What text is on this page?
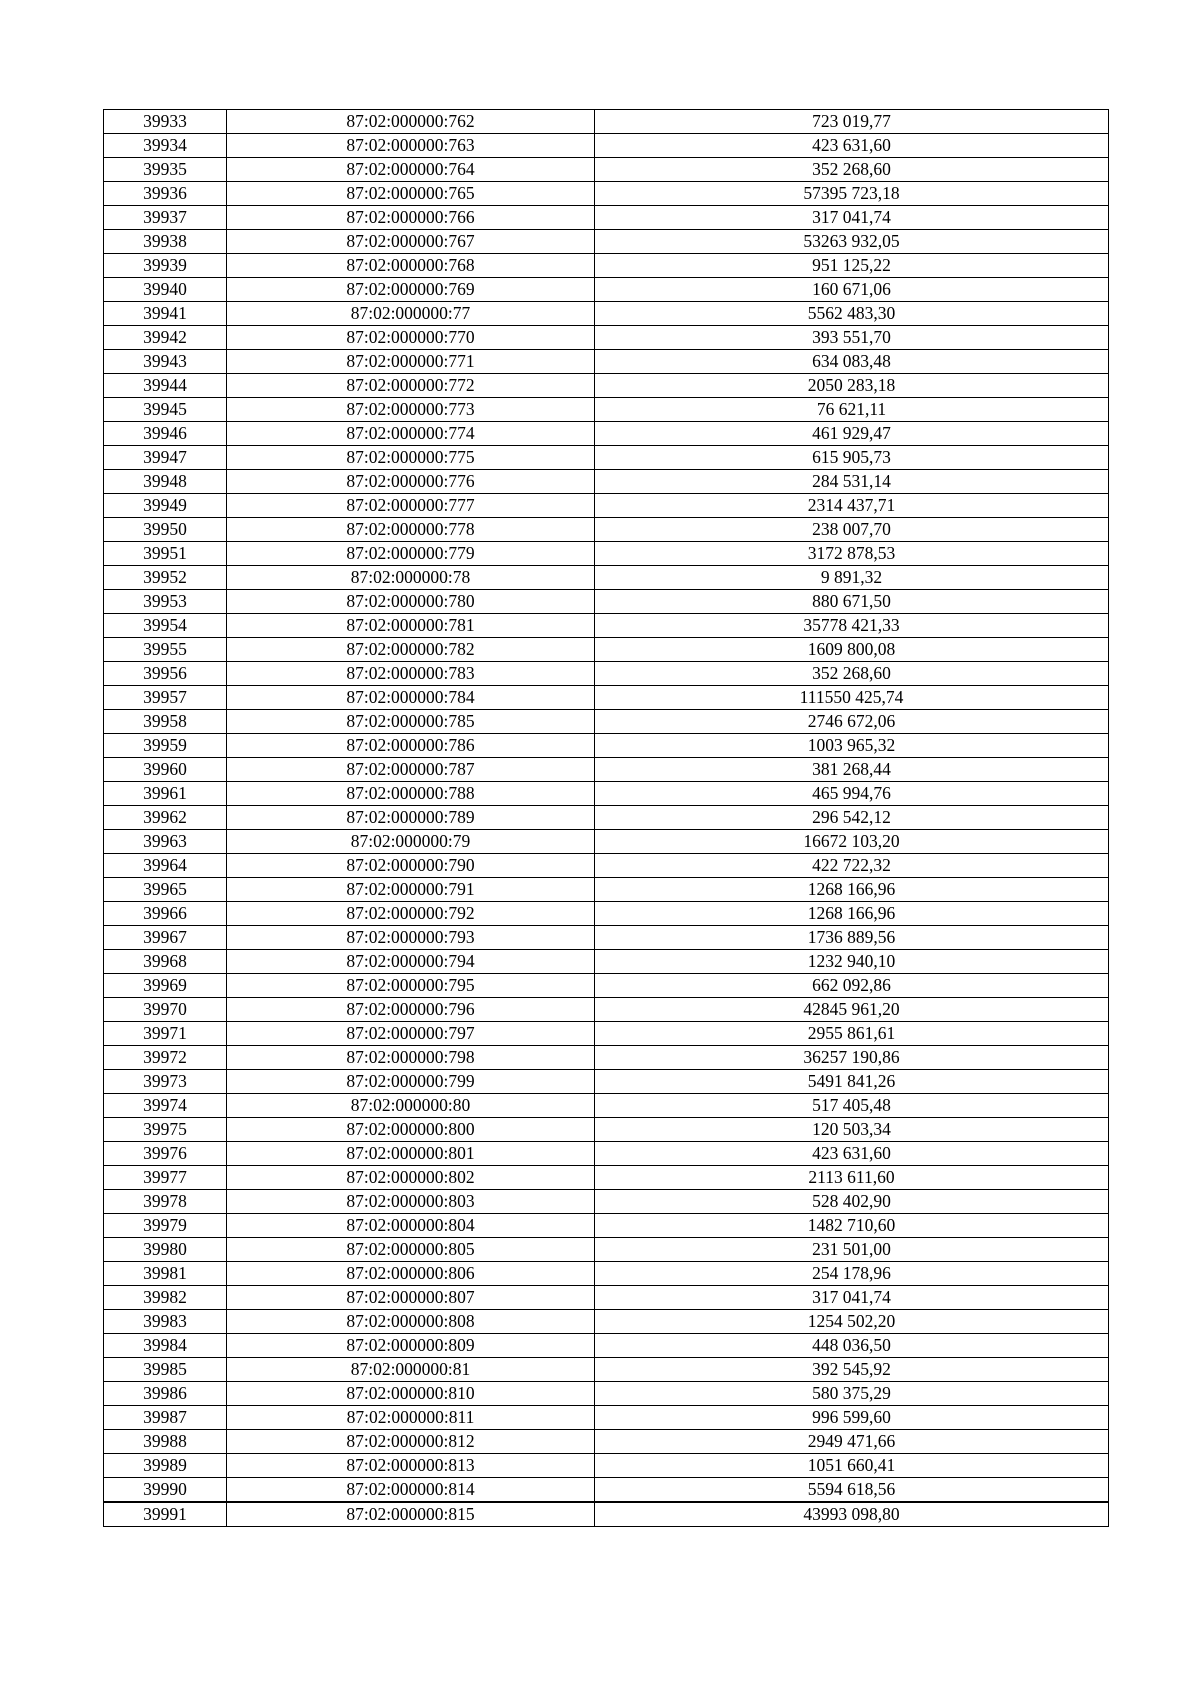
39933	87:02:000000:762	723 019,77
39934	87:02:000000:763	423 631,60
39935	87:02:000000:764	352 268,60
39936	87:02:000000:765	57395 723,18
39937	87:02:000000:766	317 041,74
39938	87:02:000000:767	53263 932,05
39939	87:02:000000:768	951 125,22
39940	87:02:000000:769	160 671,06
39941	87:02:000000:77	5562 483,30
39942	87:02:000000:770	393 551,70
39943	87:02:000000:771	634 083,48
39944	87:02:000000:772	2050 283,18
39945	87:02:000000:773	76 621,11
39946	87:02:000000:774	461 929,47
39947	87:02:000000:775	615 905,73
39948	87:02:000000:776	284 531,14
39949	87:02:000000:777	2314 437,71
39950	87:02:000000:778	238 007,70
39951	87:02:000000:779	3172 878,53
39952	87:02:000000:78	9 891,32
39953	87:02:000000:780	880 671,50
39954	87:02:000000:781	35778 421,33
39955	87:02:000000:782	1609 800,08
39956	87:02:000000:783	352 268,60
39957	87:02:000000:784	111550 425,74
39958	87:02:000000:785	2746 672,06
39959	87:02:000000:786	1003 965,32
39960	87:02:000000:787	381 268,44
39961	87:02:000000:788	465 994,76
39962	87:02:000000:789	296 542,12
39963	87:02:000000:79	16672 103,20
39964	87:02:000000:790	422 722,32
39965	87:02:000000:791	1268 166,96
39966	87:02:000000:792	1268 166,96
39967	87:02:000000:793	1736 889,56
39968	87:02:000000:794	1232 940,10
39969	87:02:000000:795	662 092,86
39970	87:02:000000:796	42845 961,20
39971	87:02:000000:797	2955 861,61
39972	87:02:000000:798	36257 190,86
39973	87:02:000000:799	5491 841,26
39974	87:02:000000:80	517 405,48
39975	87:02:000000:800	120 503,34
39976	87:02:000000:801	423 631,60
39977	87:02:000000:802	2113 611,60
39978	87:02:000000:803	528 402,90
39979	87:02:000000:804	1482 710,60
39980	87:02:000000:805	231 501,00
39981	87:02:000000:806	254 178,96
39982	87:02:000000:807	317 041,74
39983	87:02:000000:808	1254 502,20
39984	87:02:000000:809	448 036,50
39985	87:02:000000:81	392 545,92
39986	87:02:000000:810	580 375,29
39987	87:02:000000:811	996 599,60
39988	87:02:000000:812	2949 471,66
39989	87:02:000000:813	1051 660,41
39990	87:02:000000:814	5594 618,56
39991	87:02:000000:815	43993 098,80
